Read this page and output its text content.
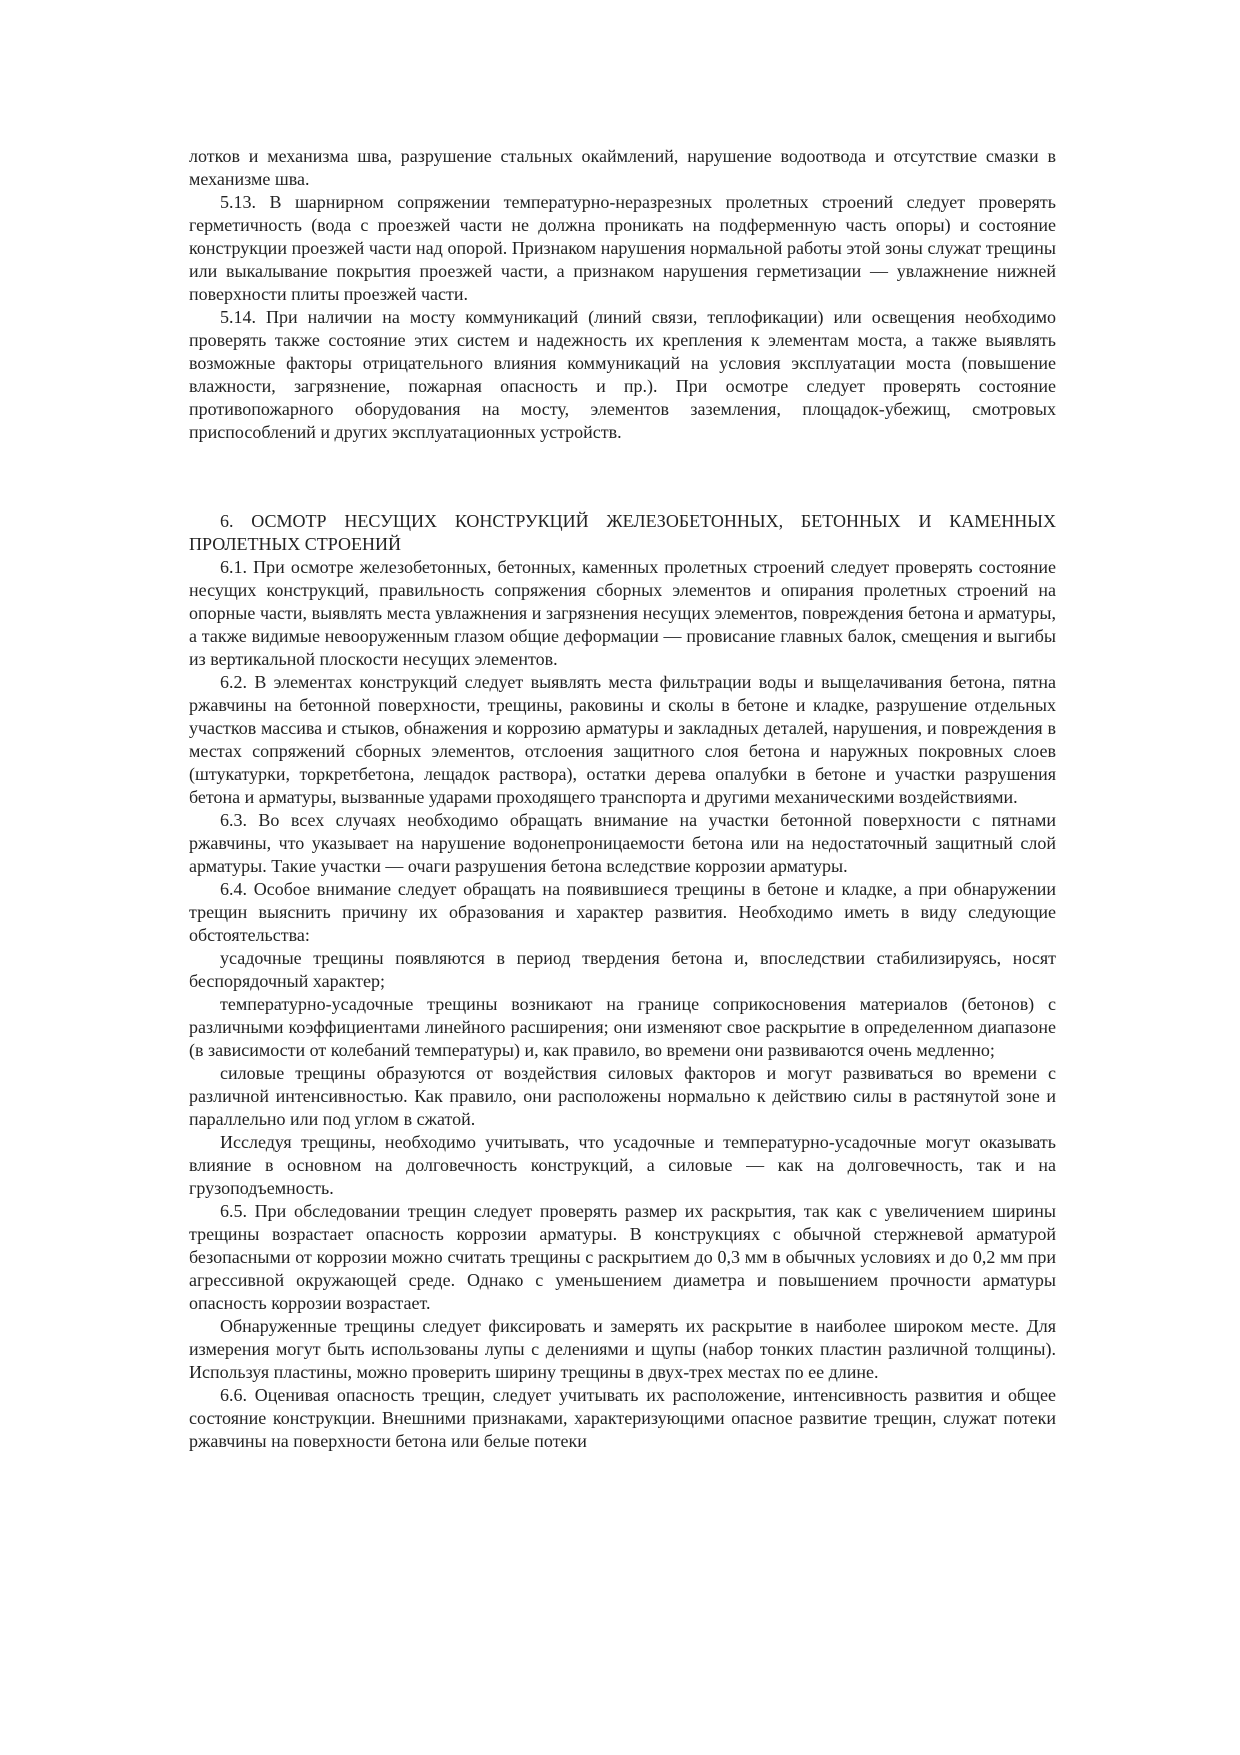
лотков и механизма шва, разрушение стальных окаймлений, нарушение водоотвода и отсутствие смазки в механизме шва.

5.13. В шарнирном сопряжении температурно-неразрезных пролетных строений следует проверять герметичность (вода с проезжей части не должна проникать на подферменную часть опоры) и состояние конструкции проезжей части над опорой. Признаком нарушения нормальной работы этой зоны служат трещины или выкалывание покрытия проезжей части, а признаком нарушения герметизации — увлажнение нижней поверхности плиты проезжей части.

5.14. При наличии на мосту коммуникаций (линий связи, теплофикации) или освещения необходимо проверять также состояние этих систем и надежность их крепления к элементам моста, а также выявлять возможные факторы отрицательного влияния коммуникаций на условия эксплуатации моста (повышение влажности, загрязнение, пожарная опасность и пр.). При осмотре следует проверять состояние противопожарного оборудования на мосту, элементов заземления, площадок-убежищ, смотровых приспособлений и других эксплуатационных устройств.

6. ОСМОТР НЕСУЩИХ КОНСТРУКЦИЙ ЖЕЛЕЗОБЕТОННЫХ, БЕТОННЫХ И КАМЕННЫХ ПРОЛЕТНЫХ СТРОЕНИЙ

6.1. При осмотре железобетонных, бетонных, каменных пролетных строений следует проверять состояние несущих конструкций, правильность сопряжения сборных элементов и опирания пролетных строений на опорные части, выявлять места увлажнения и загрязнения несущих элементов, повреждения бетона и арматуры, а также видимые невооруженным глазом общие деформации — провисание главных балок, смещения и выгибы из вертикальной плоскости несущих элементов.

6.2. В элементах конструкций следует выявлять места фильтрации воды и выщелачивания бетона, пятна ржавчины на бетонной поверхности, трещины, раковины и сколы в бетоне и кладке, разрушение отдельных участков массива и стыков, обнажения и коррозию арматуры и закладных деталей, нарушения, и повреждения в местах сопряжений сборных элементов, отслоения защитного слоя бетона и наружных покровных слоев (штукатурки, торкретбетона, лещадок раствора), остатки дерева опалубки в бетоне и участки разрушения бетона и арматуры, вызванные ударами проходящего транспорта и другими механическими воздействиями.

6.3. Во всех случаях необходимо обращать внимание на участки бетонной поверхности с пятнами ржавчины, что указывает на нарушение водонепроницаемости бетона или на недостаточный защитный слой арматуры. Такие участки — очаги разрушения бетона вследствие коррозии арматуры.

6.4. Особое внимание следует обращать на появившиеся трещины в бетоне и кладке, а при обнаружении трещин выяснить причину их образования и характер развития. Необходимо иметь в виду следующие обстоятельства:

усадочные трещины появляются в период твердения бетона и, впоследствии стабилизируясь, носят беспорядочный характер;

температурно-усадочные трещины возникают на границе соприкосновения материалов (бетонов) с различными коэффициентами линейного расширения; они изменяют свое раскрытие в определенном диапазоне (в зависимости от колебаний температуры) и, как правило, во времени они развиваются очень медленно;

силовые трещины образуются от воздействия силовых факторов и могут развиваться во времени с различной интенсивностью. Как правило, они расположены нормально к действию силы в растянутой зоне и параллельно или под углом в сжатой.

Исследуя трещины, необходимо учитывать, что усадочные и температурно-усадочные могут оказывать влияние в основном на долговечность конструкций, а силовые — как на долговечность, так и на грузоподъемность.

6.5. При обследовании трещин следует проверять размер их раскрытия, так как с увеличением ширины трещины возрастает опасность коррозии арматуры. В конструкциях с обычной стержневой арматурой безопасными от коррозии можно считать трещины с раскрытием до 0,3 мм в обычных условиях и до 0,2 мм при агрессивной окружающей среде. Однако с уменьшением диаметра и повышением прочности арматуры опасность коррозии возрастает.

Обнаруженные трещины следует фиксировать и замерять их раскрытие в наиболее широком месте. Для измерения могут быть использованы лупы с делениями и щупы (набор тонких пластин различной толщины). Используя пластины, можно проверить ширину трещины в двух-трех местах по ее длине.

6.6. Оценивая опасность трещин, следует учитывать их расположение, интенсивность развития и общее состояние конструкции. Внешними признаками, характеризующими опасное развитие трещин, служат потеки ржавчины на поверхности бетона или белые потеки
